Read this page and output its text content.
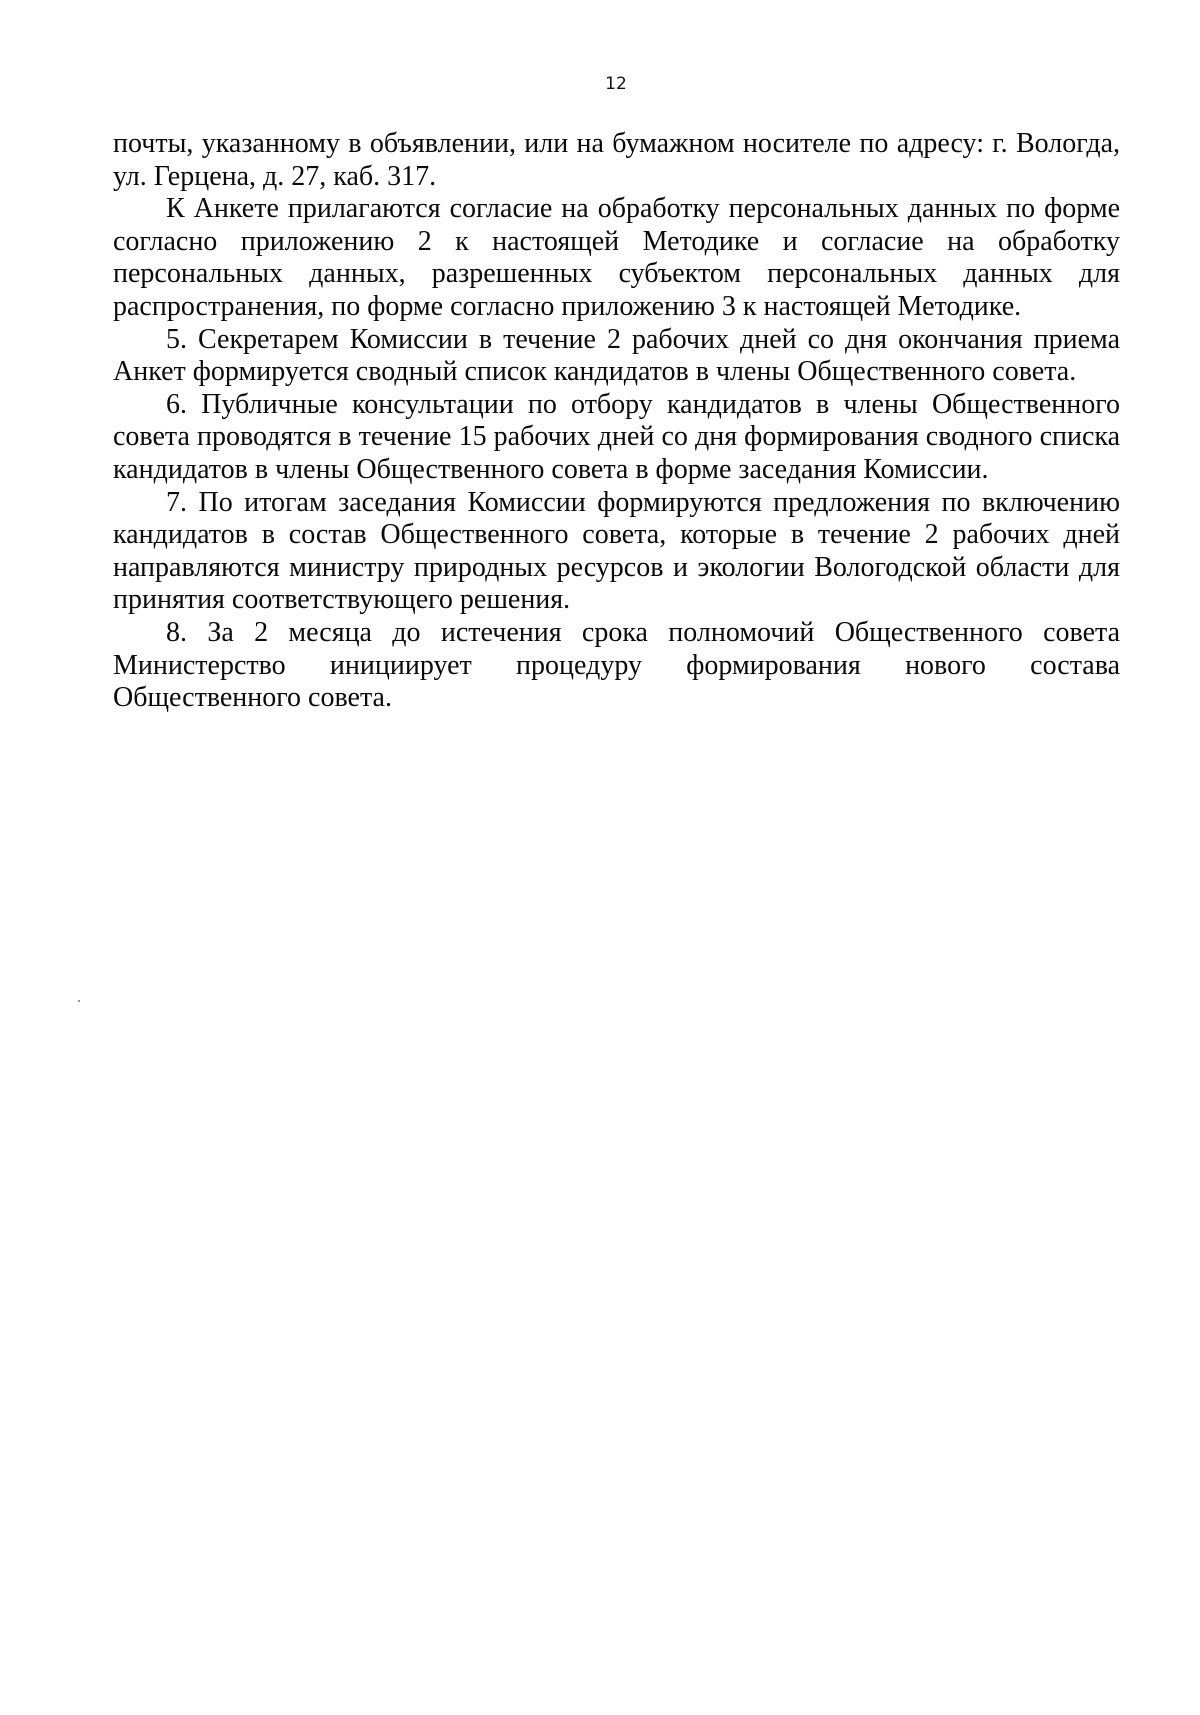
12

почты, указанному в объявлении, или на бумажном носителе по адресу: г. Вологда, ул. Герцена, д. 27, каб. 317.

К Анкете прилагаются согласие на обработку персональных данных по форме согласно приложению 2 к настоящей Методике и согласие на обработку персональных данных, разрешенных субъектом персональных данных для распространения, по форме согласно приложению 3 к настоящей Методике.

5. Секретарем Комиссии в течение 2 рабочих дней со дня окончания приема Анкет формируется сводный список кандидатов в члены Общественного совета.

6. Публичные консультации по отбору кандидатов в члены Общественного совета проводятся в течение 15 рабочих дней со дня формирования сводного списка кандидатов в члены Общественного совета в форме заседания Комиссии.

7. По итогам заседания Комиссии формируются предложения по включению кандидатов в состав Общественного совета, которые в течение 2 рабочих дней направляются министру природных ресурсов и экологии Вологодской области для принятия соответствующего решения.

8. За 2 месяца до истечения срока полномочий Общественного совета Министерство инициирует процедуру формирования нового состава

Общественного совета.
